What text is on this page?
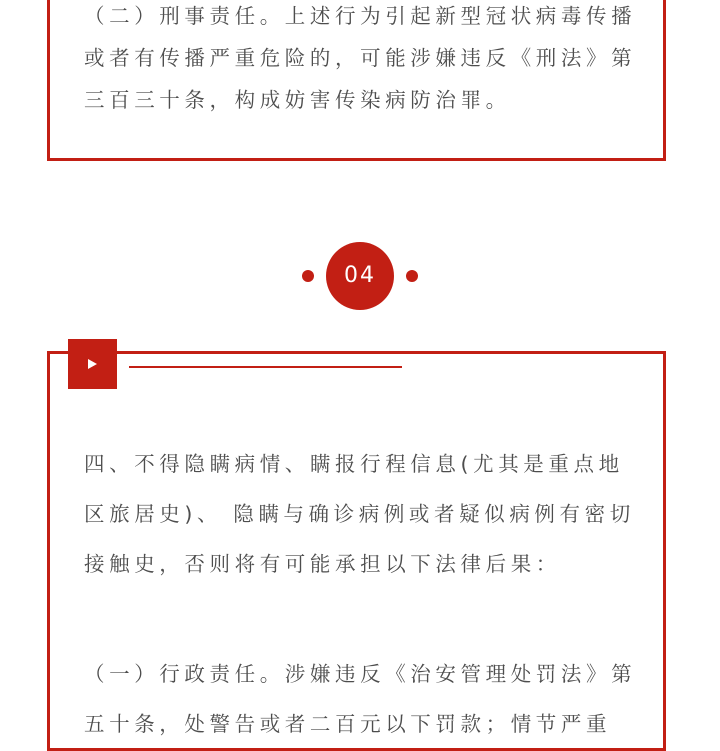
（二）刑事责任。上述行为引起新型冠状病毒传播
或者有传播严重危险的，可能涉嫌违反《刑法》第
三百三十条，构成妨害传染病防治罪。

04

四、不得隐瞒病情、瞒报行程信息(尤其是重点地
区旅居史)、 隐瞒与确诊病例或者疑似病例有密切
接触史，否则将有可能承担以下法律后果：

（一）行政责任。涉嫌违反《治安管理处罚法》第
五十条，处警告或者二百元以下罚款；情节严重
